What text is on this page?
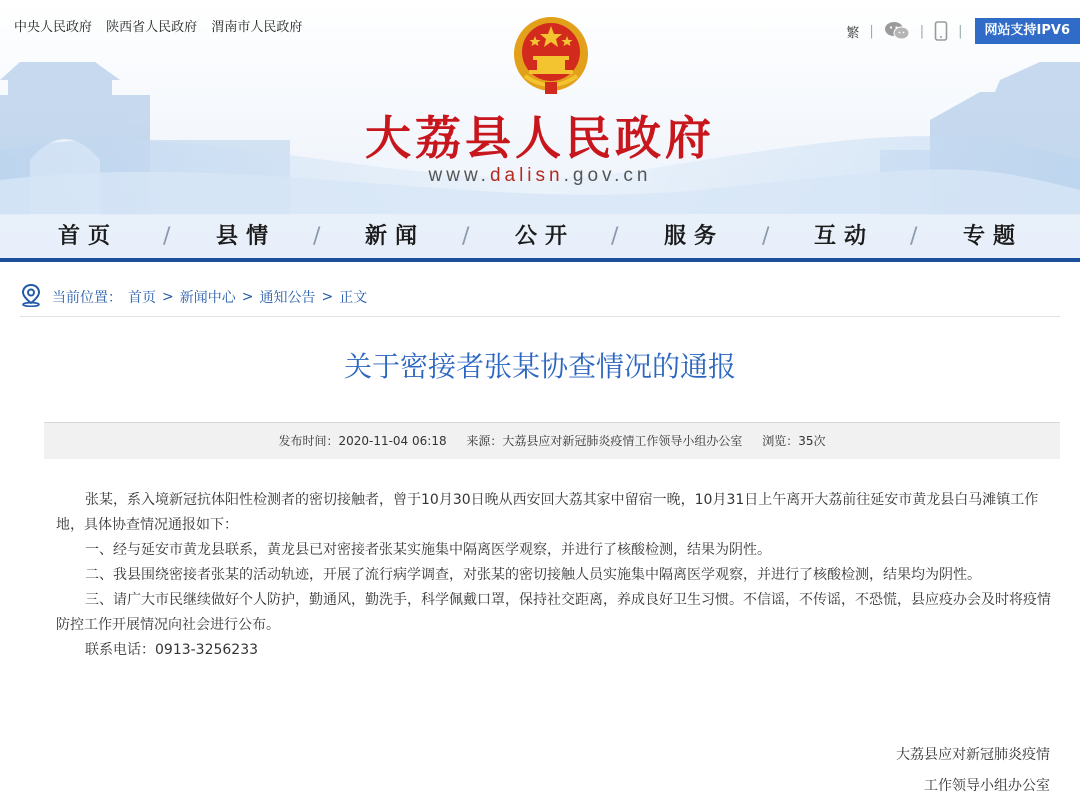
中央人民政府 陕西省人民政府 渭南市人民政府	繁 |	|	|	网站支持IPV6
大荔县人民政府
www.dalisn.gov.cn
首页 / 县情 / 新闻 / 公开 / 服务 / 互动 / 专题
当前位置： 首页 > 新闻中心 > 通知公告 > 正文
关于密接者张某协查情况的通报
发布时间：2020-11-04 06:18 来源：大荔县应对新冠肺炎疫情工作领导小组办公室 浏览：35次

张某，系入境新冠抗体阳性检测者的密切接触者，曾于10月30日晚从西安回大荔其家中留宿一晚，10月31日上午离开大荔前往延安市黄龙县白马滩镇工作地，具体协查情况通报如下：

一、经与延安市黄龙县联系，黄龙县已对密接者张某实施集中隔离医学观察，并进行了核酸检测，结果为阴性。

二、我县围绕密接者张某的活动轨迹，开展了流行病学调查，对张某的密切接触人员实施集中隔离医学观察，并进行了核酸检测，结果均为阴性。

三、请广大市民继续做好个人防护，勤通风，勤洗手，科学佩戴口罩，保持社交距离，养成良好卫生习惯。不信谣，不传谣，不恐慌，县应疫办会及时将疫情防控工作开展情况向社会进行公布。

联系电话：0913-3256233

大荔县应对新冠肺炎疫情
工作领导小组办公室
